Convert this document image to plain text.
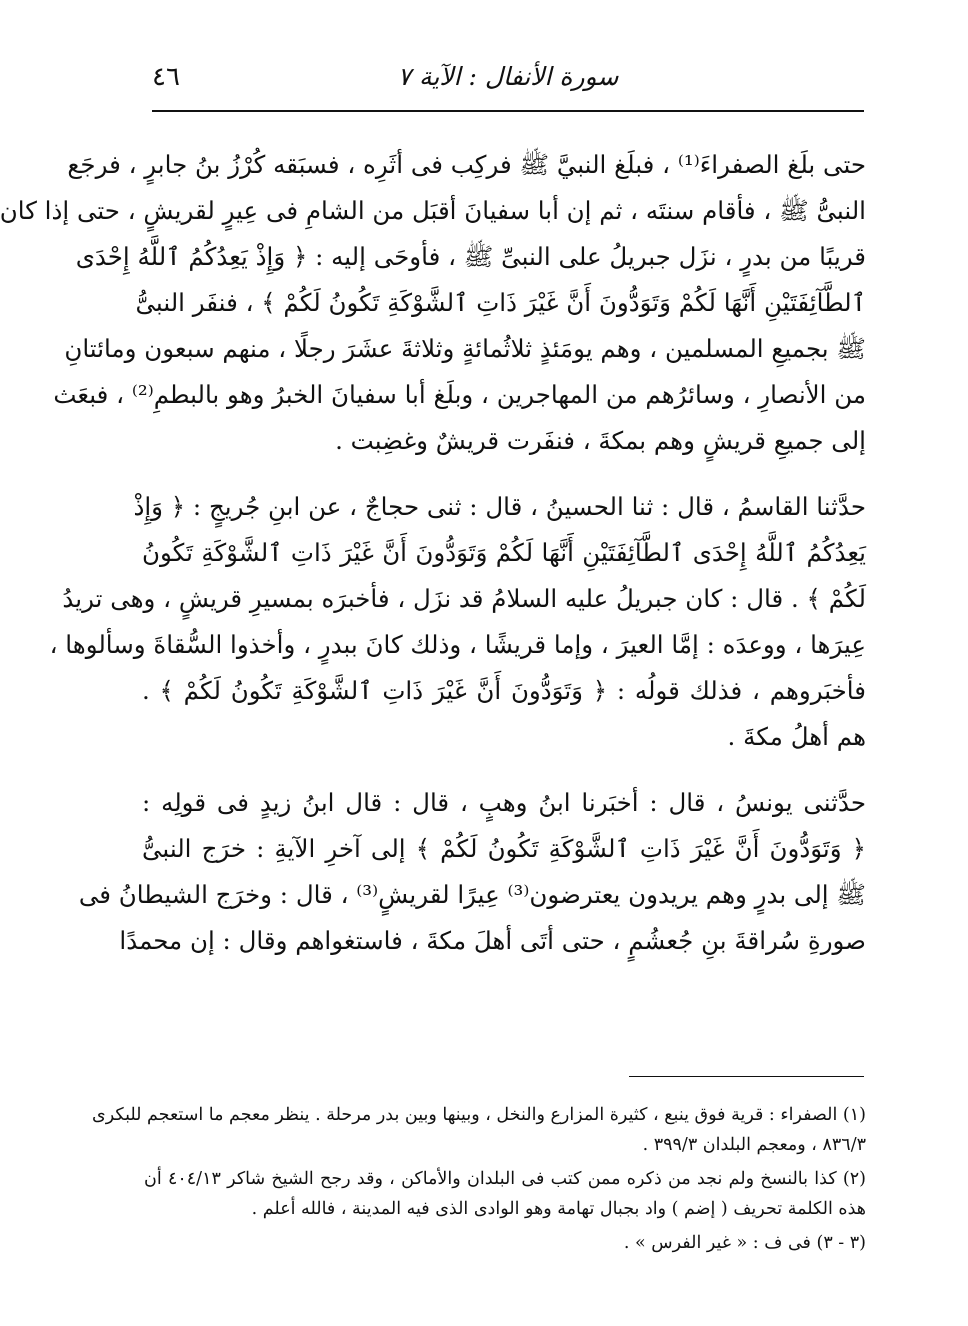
سورة الأنفال : الآية ٧
٤٦
حتى بلَغ الصفراءَ⁽¹⁾ ، فبلَغ النبيَّ ﷺ فركِب فى أثَرِه ، فسبَقه كُرْزُ بنُ جابرٍ ، فرجَع
النبىُّ ﷺ ، فأقام سنتَه ، ثم إن أبا سفيانَ أقبَل من الشامِ فى عِيرٍ لقريشٍ ، حتى إذا كان
قريبًا من بدرٍ ، نزَل جبريلُ على النبىِّ ﷺ ، فأوحَى إليه : ﴿ وَإِذْ يَعِدُكُمُ ٱللَّهُ إِحْدَى
ٱلطَّآئِفَتَيْنِ أَنَّهَا لَكُمْ وَتَوَدُّونَ أَنَّ غَيْرَ ذَاتِ ٱلشَّوْكَةِ تَكُونُ لَكُمْ ﴾ ، فنفَر النبىُّ
ﷺ بجميعِ المسلمين ، وهم يومَئذٍ ثلاثُمائةٍ وثلاثةَ عشَرَ رجلًا ، منهم سبعون ومائتانِ
من الأنصارِ ، وسائرُهم من المهاجرين ، وبلَغ أبا سفيانَ الخبرُ وهو بالبطمِ⁽²⁾ ، فبعَث
إلى جميعِ قريشٍ وهم بمكةَ ، فنفَرت قريشٌ وغضِبت .
حدَّثنا القاسمُ ، قال : ثنا الحسينُ ، قال : ثنى حجاجٌ ، عن ابنِ جُريجٍ : ﴿ وَإِذْ
يَعِدُكُمُ ٱللَّهُ إِحْدَى ٱلطَّآئِفَتَيْنِ أَنَّهَا لَكُمْ وَتَوَدُّونَ أَنَّ غَيْرَ ذَاتِ ٱلشَّوْكَةِ تَكُونُ
لَكُمْ ﴾ . قال : كان جبريلُ عليه السلامُ قد نزَل ، فأخبرَه بمسيرِ قريشٍ ، وهى تريدُ
عِيرَها ، ووعدَه : إمَّا العيرَ ، وإما قريشًا ، وذلك كانَ ببدرٍ ، وأخذوا السُّقاةَ وسألوها ،
فأخبَروهم ، فذلك قولُه : ﴿ وَتَوَدُّونَ أَنَّ غَيْرَ ذَاتِ ٱلشَّوْكَةِ تَكُونُ لَكُمْ ﴾ .
هم أهلُ مكةَ .
حدَّثنى يونسُ ، قال : أخبَرنا ابنُ وهبٍ ، قال : قال ابنُ زيدٍ فى قولِه :
﴿ وَتَوَدُّونَ أَنَّ غَيْرَ ذَاتِ ٱلشَّوْكَةِ تَكُونُ لَكُمْ ﴾ إلى آخرِ الآيةِ : خرَج النبىُّ
ﷺ إلى بدرٍ وهم يريدون يعترضون⁽³⁾ عِيرًا لقريشٍ⁽³⁾ ، قال : وخرَج الشيطانُ فى
صورةِ سُراقةَ بنِ جُعشُمٍ ، حتى أتَى أهلَ مكةَ ، فاستغواهم وقال : إن محمدًا
(١) الصفراء : قرية فوق ينبع ، كثيرة المزارع والنخل ، وبينها وبين بدر مرحلة . ينظر معجم ما استعجم للبكرى
٨٣٦/٣ ، ومعجم البلدان ٣٩٩/٣ .
(٢) كذا بالنسخ ولم نجد من ذكره ممن كتب فى البلدان والأماكن ، وقد رجح الشيخ شاكر ٤٠٤/١٣ أن
هذه الكلمة تحريف ( إضم ) واد بجبال تهامة وهو الوادى الذى فيه المدينة ، فالله أعلم .
(٣ - ٣) فى ف : « غير الفرس » .
